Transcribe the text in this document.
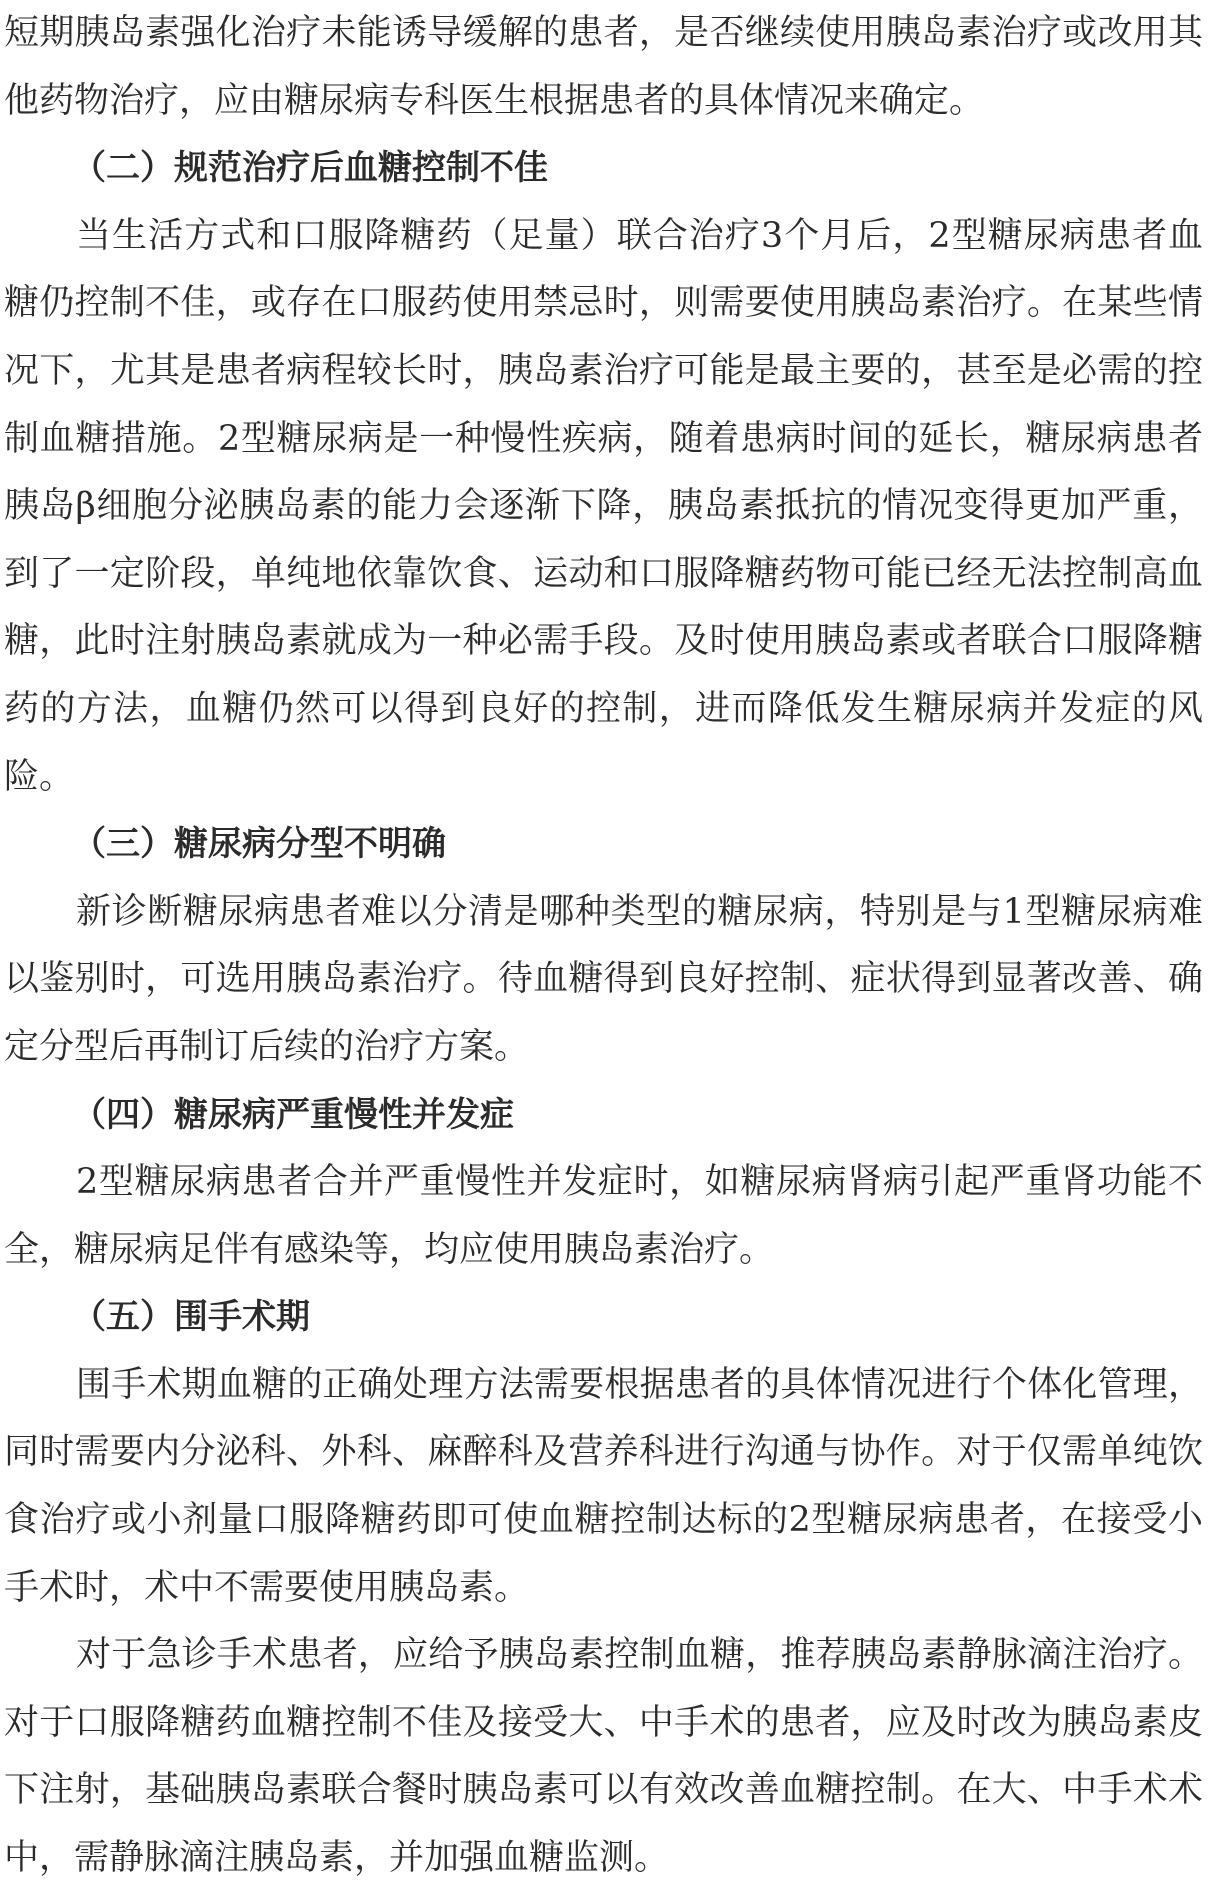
短期胰岛素强化治疗未能诱导缓解的患者，是否继续使用胰岛素治疗或改用其他药物治疗，应由糖尿病专科医生根据患者的具体情况来确定。

（二）规范治疗后血糖控制不佳

当生活方式和口服降糖药（足量）联合治疗3个月后，2型糖尿病患者血糖仍控制不佳，或存在口服药使用禁忌时，则需要使用胰岛素治疗。在某些情况下，尤其是患者病程较长时，胰岛素治疗可能是最主要的，甚至是必需的控制血糖措施。2型糖尿病是一种慢性疾病，随着患病时间的延长，糖尿病患者胰岛β细胞分泌胰岛素的能力会逐渐下降，胰岛素抵抗的情况变得更加严重，到了一定阶段，单纯地依靠饮食、运动和口服降糖药物可能已经无法控制高血糖，此时注射胰岛素就成为一种必需手段。及时使用胰岛素或者联合口服降糖药的方法，血糖仍然可以得到良好的控制，进而降低发生糖尿病并发症的风险。

（三）糖尿病分型不明确

新诊断糖尿病患者难以分清是哪种类型的糖尿病，特别是与1型糖尿病难以鉴别时，可选用胰岛素治疗。待血糖得到良好控制、症状得到显著改善、确定分型后再制订后续的治疗方案。

（四）糖尿病严重慢性并发症

2型糖尿病患者合并严重慢性并发症时，如糖尿病肾病引起严重肾功能不全，糖尿病足伴有感染等，均应使用胰岛素治疗。

（五）围手术期

围手术期血糖的正确处理方法需要根据患者的具体情况进行个体化管理，同时需要内分泌科、外科、麻醉科及营养科进行沟通与协作。对于仅需单纯饮食治疗或小剂量口服降糖药即可使血糖控制达标的2型糖尿病患者，在接受小手术时，术中不需要使用胰岛素。

对于急诊手术患者，应给予胰岛素控制血糖，推荐胰岛素静脉滴注治疗。对于口服降糖药血糖控制不佳及接受大、中手术的患者，应及时改为胰岛素皮下注射，基础胰岛素联合餐时胰岛素可以有效改善血糖控制。在大、中手术术中，需静脉滴注胰岛素，并加强血糖监测。
